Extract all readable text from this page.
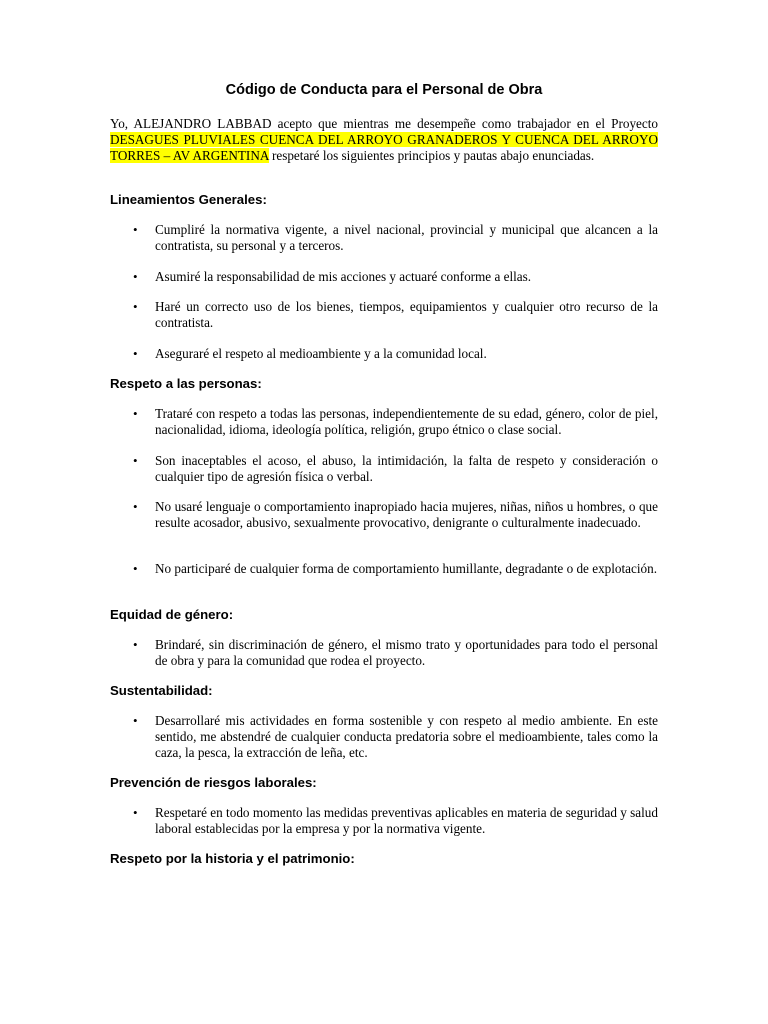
Código de Conducta para el Personal de Obra
Yo, ALEJANDRO LABBAD acepto que mientras me desempeñe como trabajador en el Proyecto DESAGUES PLUVIALES CUENCA DEL ARROYO GRANADEROS Y CUENCA DEL ARROYO TORRES – AV ARGENTINA respetaré los siguientes principios y pautas abajo enunciadas.
Lineamientos Generales:
• Cumpliré la normativa vigente, a nivel nacional, provincial y municipal que alcancen a la contratista, su personal y a terceros.
• Asumiré la responsabilidad de mis acciones y actuaré conforme a ellas.
• Haré un correcto uso de los bienes, tiempos, equipamientos y cualquier otro recurso de la contratista.
• Aseguraré el respeto al medioambiente y a la comunidad local.
Respeto a las personas:
• Trataré con respeto a todas las personas, independientemente de su edad, género, color de piel, nacionalidad, idioma, ideología política, religión, grupo étnico o clase social.
• Son inaceptables el acoso, el abuso, la intimidación, la falta de respeto y consideración o cualquier tipo de agresión física o verbal.
• No usaré lenguaje o comportamiento inapropiado hacia mujeres, niñas, niños u hombres, o que resulte acosador, abusivo, sexualmente provocativo, denigrante o culturalmente inadecuado.
• No participaré de cualquier forma de comportamiento humillante, degradante o de explotación.
Equidad de género:
• Brindaré, sin discriminación de género, el mismo trato y oportunidades para todo el personal de obra y para la comunidad que rodea el proyecto.
Sustentabilidad:
• Desarrollaré mis actividades en forma sostenible y con respeto al medio ambiente. En este sentido, me abstendré de cualquier conducta predatoria sobre el medioambiente, tales como la caza, la pesca, la extracción de leña, etc.
Prevención de riesgos laborales:
• Respetaré en todo momento las medidas preventivas aplicables en materia de seguridad y salud laboral establecidas por la empresa y por la normativa vigente.
Respeto por la historia y el patrimonio:
